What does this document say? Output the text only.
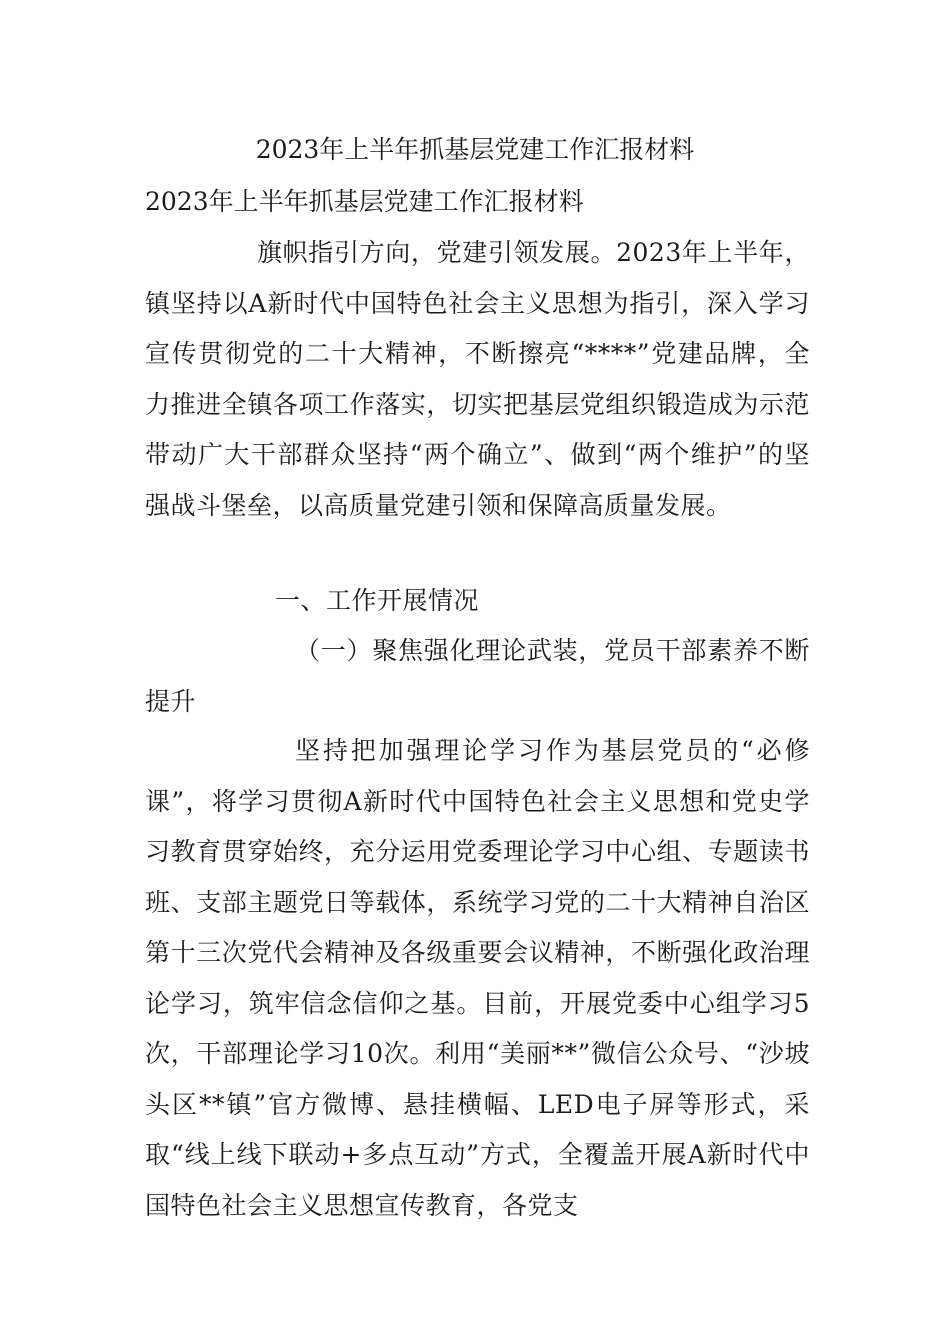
2023年上半年抓基层党建工作汇报材料
2023年上半年抓基层党建工作汇报材料

旗帜指引方向，党建引领发展。2023年上半年，镇坚持以A新时代中国特色社会主义思想为指引，深入学习宣传贯彻党的二十大精神，不断擦亮“****”党建品牌，全力推进全镇各项工作落实，切实把基层党组织锻造成为示范带动广大干部群众坚持“两个确立”、做到“两个维护”的坚强战斗堡垒，以高质量党建引领和保障高质量发展。

一、工作开展情况

（一）聚焦强化理论武装，党员干部素养不断提升

坚持把加强理论学习作为基层党员的“必修课”，将学习贯彻A新时代中国特色社会主义思想和党史学习教育贯穿始终，充分运用党委理论学习中心组、专题读书班、支部主题党日等载体，系统学习党的二十大精神自治区第十三次党代会精神及各级重要会议精神，不断强化政治理论学习，筑牢信念信仰之基。目前，开展党委中心组学习5次，干部理论学习10次。利用“美丽**”微信公众号、“沙坡头区**镇”官方微博、悬挂横幅、LED电子屏等形式，采取“线上线下联动+多点互动”方式，全覆盖开展A新时代中国特色社会主义思想宣传教育，各党支
